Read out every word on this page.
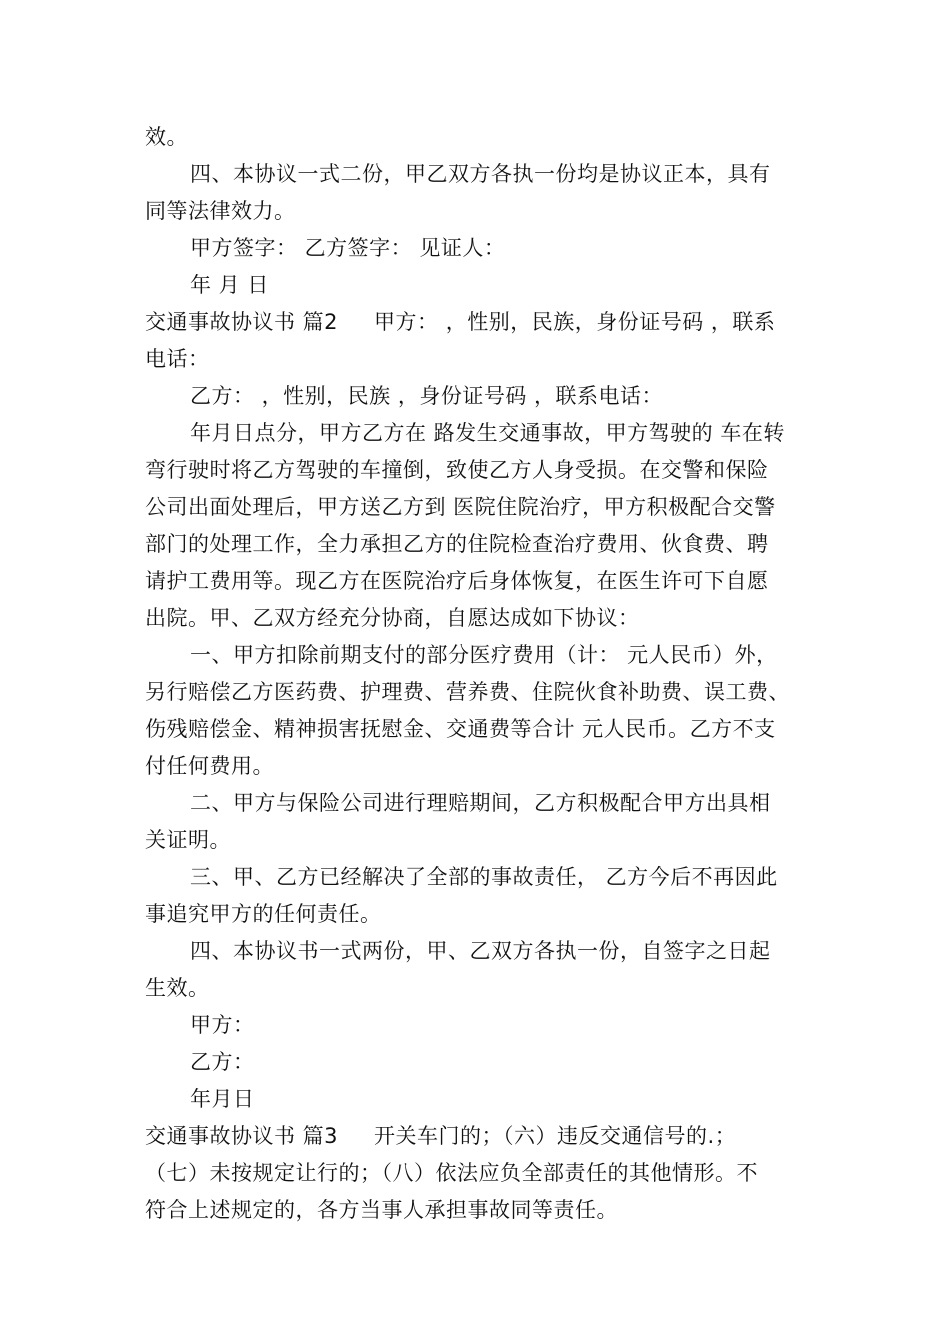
效。
四、本协议一式二份，甲乙双方各执一份均是协议正本，具有
同等法律效力。
甲方签字： 乙方签字： 见证人：
年 月 日
交通事故协议书 篇2 甲方： ，性别，民族，身份证号码 ，联系
电话：
乙方： ，性别，民族 ，身份证号码 ，联系电话：
年月日点分，甲方乙方在 路发生交通事故，甲方驾驶的 车在转
弯行驶时将乙方驾驶的车撞倒，致使乙方人身受损。在交警和保险
公司出面处理后，甲方送乙方到 医院住院治疗，甲方积极配合交警
部门的处理工作，全力承担乙方的住院检查治疗费用、伙食费、聘
请护工费用等。现乙方在医院治疗后身体恢复，在医生许可下自愿
出院。甲、乙双方经充分协商，自愿达成如下协议：
一、甲方扣除前期支付的部分医疗费用（计： 元人民币）外，
另行赔偿乙方医药费、护理费、营养费、住院伙食补助费、误工费、
伤残赔偿金、精神损害抚慰金、交通费等合计 元人民币。乙方不支
付任何费用。
二、甲方与保险公司进行理赔期间，乙方积极配合甲方出具相
关证明。
三、甲、乙方已经解决了全部的事故责任， 乙方今后不再因此
事追究甲方的任何责任。
四、本协议书一式两份，甲、乙双方各执一份，自签字之日起
生效。
甲方：
乙方：
年月日
交通事故协议书 篇3 开关车门的；（六）违反交通信号的.；
（七）未按规定让行的；（八）依法应负全部责任的其他情形。不
符合上述规定的，各方当事人承担事故同等责任。
